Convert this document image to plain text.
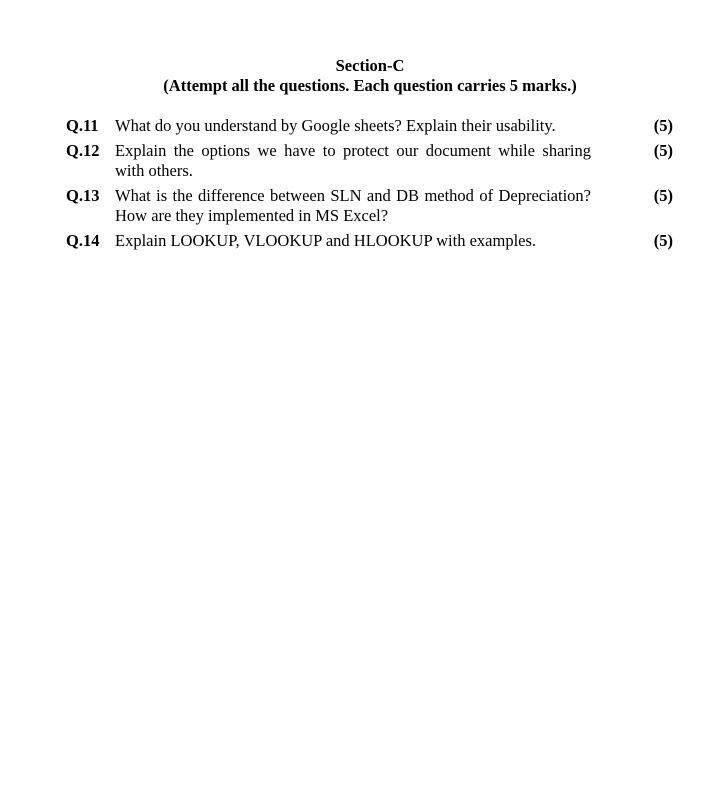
Section-C
(Attempt all the questions. Each question carries 5 marks.)
Q.11 What do you understand by Google sheets? Explain their usability.	(5)
Q.12 Explain the options we have to protect our document while sharing with others.
(5)
Q.13 What is the difference between SLN and DB method of Depreciation? How are they implemented in MS Excel?
(5)
Q.14 Explain LOOKUP, VLOOKUP and HLOOKUP with examples.	(5)
